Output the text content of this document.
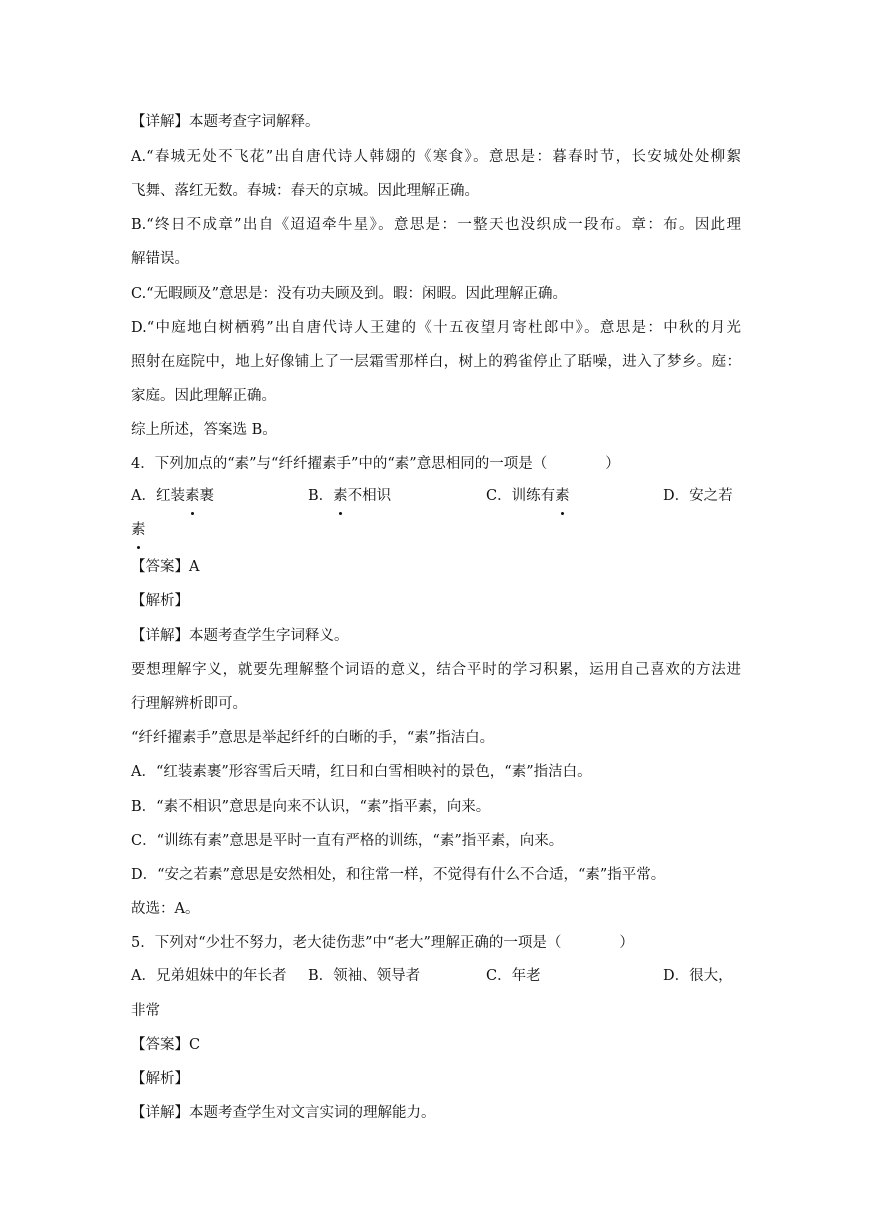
【详解】本题考查字词解释。
A.“春城无处不飞花”出自唐代诗人韩翃的《寒食》。意思是：暮春时节，长安城处处柳絮
飞舞、落红无数。春城：春天的京城。因此理解正确。
B.“终日不成章”出自《迢迢牵牛星》。意思是：一整天也没织成一段布。章：布。因此理
解错误。
C.“无暇顾及”意思是：没有功夫顾及到。暇：闲暇。因此理解正确。
D.“中庭地白树栖鸦”出自唐代诗人王建的《十五夜望月寄杜郎中》。意思是：中秋的月光
照射在庭院中，地上好像铺上了一层霜雪那样白，树上的鸦雀停止了聒噪，进入了梦乡。庭：
家庭。因此理解正确。
综上所述，答案选 B。
4．下列加点的“素”与“纤纤擢素手”中的“素”意思相同的一项是（　　　　）
A．红装素裹	B．素不相识	C．训练有素	D．安之若
素
【答案】A
【解析】
【详解】本题考查学生字词释义。
要想理解字义，就要先理解整个词语的意义，结合平时的学习积累，运用自己喜欢的方法进
行理解辨析即可。
“纤纤擢素手”意思是举起纤纤的白晰的手，“素”指洁白。
A．“红装素裹”形容雪后天晴，红日和白雪相映衬的景色，“素”指洁白。
B．“素不相识”意思是向来不认识，“素”指平素，向来。
C．“训练有素”意思是平时一直有严格的训练，“素”指平素，向来。
D．“安之若素”意思是安然相处，和往常一样，不觉得有什么不合适，“素”指平常。
故选：A。
5．下列对“少壮不努力，老大徒伤悲”中“老大”理解正确的一项是（　　　　）
A．兄弟姐妹中的年长者 B．领袖、领导者	C．年老	D．很大，
非常
【答案】C
【解析】
【详解】本题考查学生对文言实词的理解能力。
